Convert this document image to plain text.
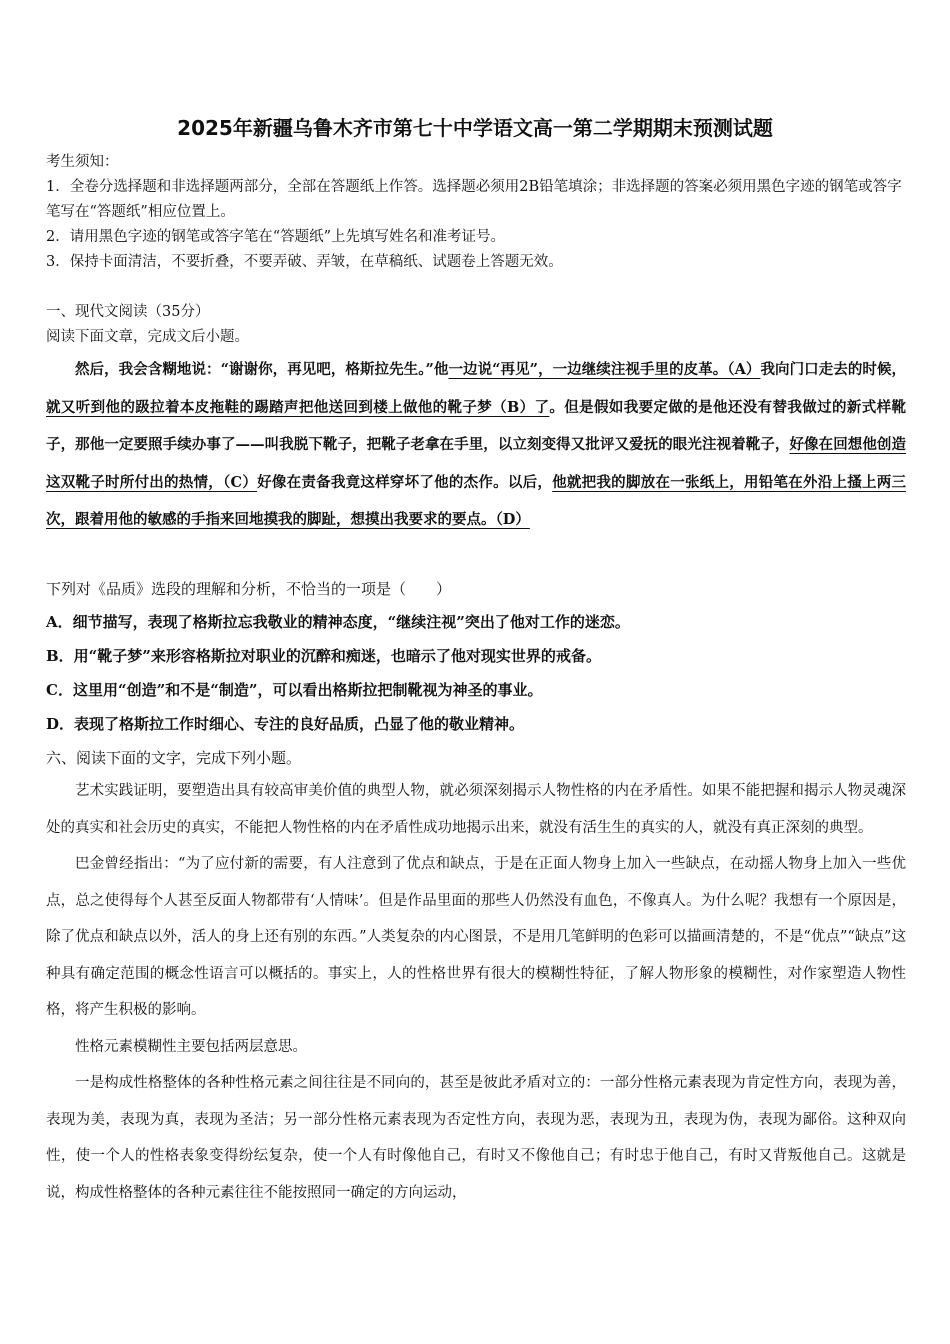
2025年新疆乌鲁木齐市第七十中学语文高一第二学期期末预测试题

考生须知：

1．全卷分选择题和非选择题两部分，全部在答题纸上作答。选择题必须用2B铅笔填涂；非选择题的答案必须用黑色字迹的钢笔或答字笔写在“答题纸”相应位置上。

2．请用黑色字迹的钢笔或答字笔在“答题纸”上先填写姓名和准考证号。

3．保持卡面清洁，不要折叠，不要弄破、弄皱，在草稿纸、试题卷上答题无效。

一、现代文阅读（35分）

阅读下面文章，完成文后小题。

然后，我会含糊地说：“谢谢你，再见吧，格斯拉先生。”他一边说“再见”，一边继续注视手里的皮革。（A）我向门口走去的时候，就又听到他的趿拉着本皮拖鞋的踢踏声把他送回到楼上做他的靴子梦（B）了。但是假如我要定做的是他还没有替我做过的新式样靴子，那他一定要照手续办事了——叫我脱下靴子，把靴子老拿在手里，以立刻变得又批评又爱抚的眼光注视着靴子，好像在回想他创造这双靴子时所付出的热情，（C）好像在责备我竟这样穿坏了他的杰作。以后，他就把我的脚放在一张纸上，用铅笔在外沿上搔上两三次，跟着用他的敏感的手指来回地摸我的脚趾，想摸出我要求的要点。（D）

下列对《品质》选段的理解和分析，不恰当的一项是（　　）
A．细节描写，表现了格斯拉忘我敬业的精神态度，“继续注视”突出了他对工作的迷恋。
B．用“靴子梦”来形容格斯拉对职业的沉醉和痴迷，也暗示了他对现实世界的戒备。
C．这里用“创造”和不是“制造”，可以看出格斯拉把制靴视为神圣的事业。
D．表现了格斯拉工作时细心、专注的良好品质，凸显了他的敬业精神。
六、阅读下面的文字，完成下列小题。

艺术实践证明，要塑造出具有较高审美价值的典型人物，就必须深刻揭示人物性格的内在矛盾性。如果不能把握和揭示人物灵魂深处的真实和社会历史的真实，不能把人物性格的内在矛盾性成功地揭示出来，就没有活生生的真实的人，就没有真正深刻的典型。

巴金曾经指出：“为了应付新的需要，有人注意到了优点和缺点，于是在正面人物身上加入一些缺点，在动摇人物身上加入一些优点，总之使得每个人甚至反面人物都带有‘人情味’。但是作品里面的那些人仍然没有血色，不像真人。为什么呢？我想有一个原因是，除了优点和缺点以外，活人的身上还有别的东西。”人类复杂的内心图景，不是用几笔鲜明的色彩可以描画清楚的，不是“优点”“缺点”这种具有确定范围的概念性语言可以概括的。事实上，人的性格世界有很大的模糊性特征，了解人物形象的模糊性，对作家塑造人物性格，将产生积极的影响。

性格元素模糊性主要包括两层意思。

一是构成性格整体的各种性格元素之间往往是不同向的，甚至是彼此矛盾对立的：一部分性格元素表现为肯定性方向，表现为善，表现为美，表现为真，表现为圣洁；另一部分性格元素表现为否定性方向，表现为恶，表现为丑，表现为伪，表现为鄙俗。这种双向性，使一个人的性格表象变得纷纭复杂，使一个人有时像他自己，有时又不像他自己；有时忠于他自己，有时又背叛他自己。这就是说，构成性格整体的各种元素往往不能按照同一确定的方向运动，
